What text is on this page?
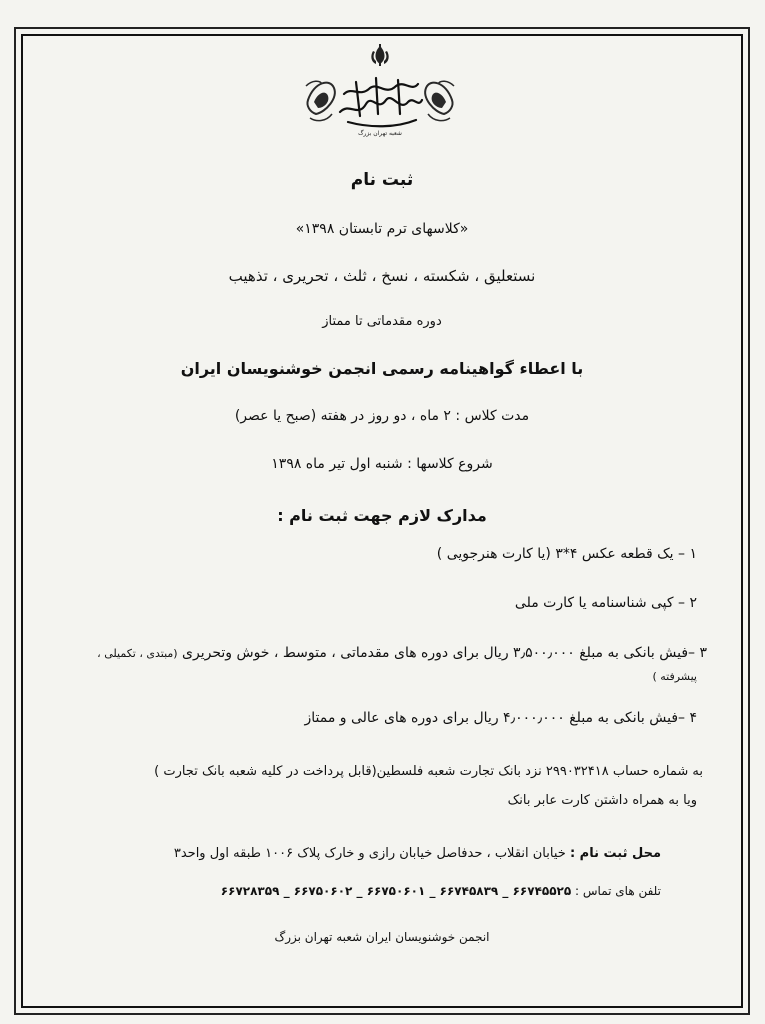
شعبه تهران بزرگ
ثبت نام
«کلاسهای ترم تابستان ۱۳۹۸»
نستعلیق ، شکسته ، نسخ ، ثلث ، تحریری ، تذهیب
دوره مقدماتی تا ممتاز
با اعطاء گواهینامه رسمی انجمن خوشنویسان ایران
مدت کلاس : ۲ ماه ، دو روز در هفته (صبح یا عصر)
شروع کلاسها : شنبه اول تیر ماه ۱۳۹۸
مدارک لازم جهت ثبت نام :
۱ – یک قطعه عکس ۴*۳ (یا کارت هنرجویی )
۲ – کپی شناسنامه یا کارت ملی
۳ –فیش بانکی به مبلغ ۳٫۵۰۰٫۰۰۰ ریال برای دوره های مقدماتی ، متوسط ، خوش وتحریری (مبتدی ، تکمیلی ،
پیشرفته )
۴ –فیش بانکی به مبلغ ۴٫۰۰۰٫۰۰۰ ریال برای دوره های عالی و ممتاز
به شماره حساب ۲۹۹۰۳۲۴۱۸ نزد بانک تجارت شعبه فلسطین(قابل پرداخت در کلیه شعبه بانک تجارت )
ویا به همراه داشتن کارت عابر بانک
محل ثبت نام : خیابان انقلاب ، حدفاصل خیابان رازی و خارک پلاک ۱۰۰۶ طبقه اول واحد۳
تلفن های تماس : ۶۶۷۴۵۵۲۵ _ ۶۶۷۴۵۸۳۹ _ ۶۶۷۵۰۶۰۱ _ ۶۶۷۵۰۶۰۲ _ ۶۶۷۲۸۳۵۹
انجمن خوشنویسان ایران شعبه تهران بزرگ
